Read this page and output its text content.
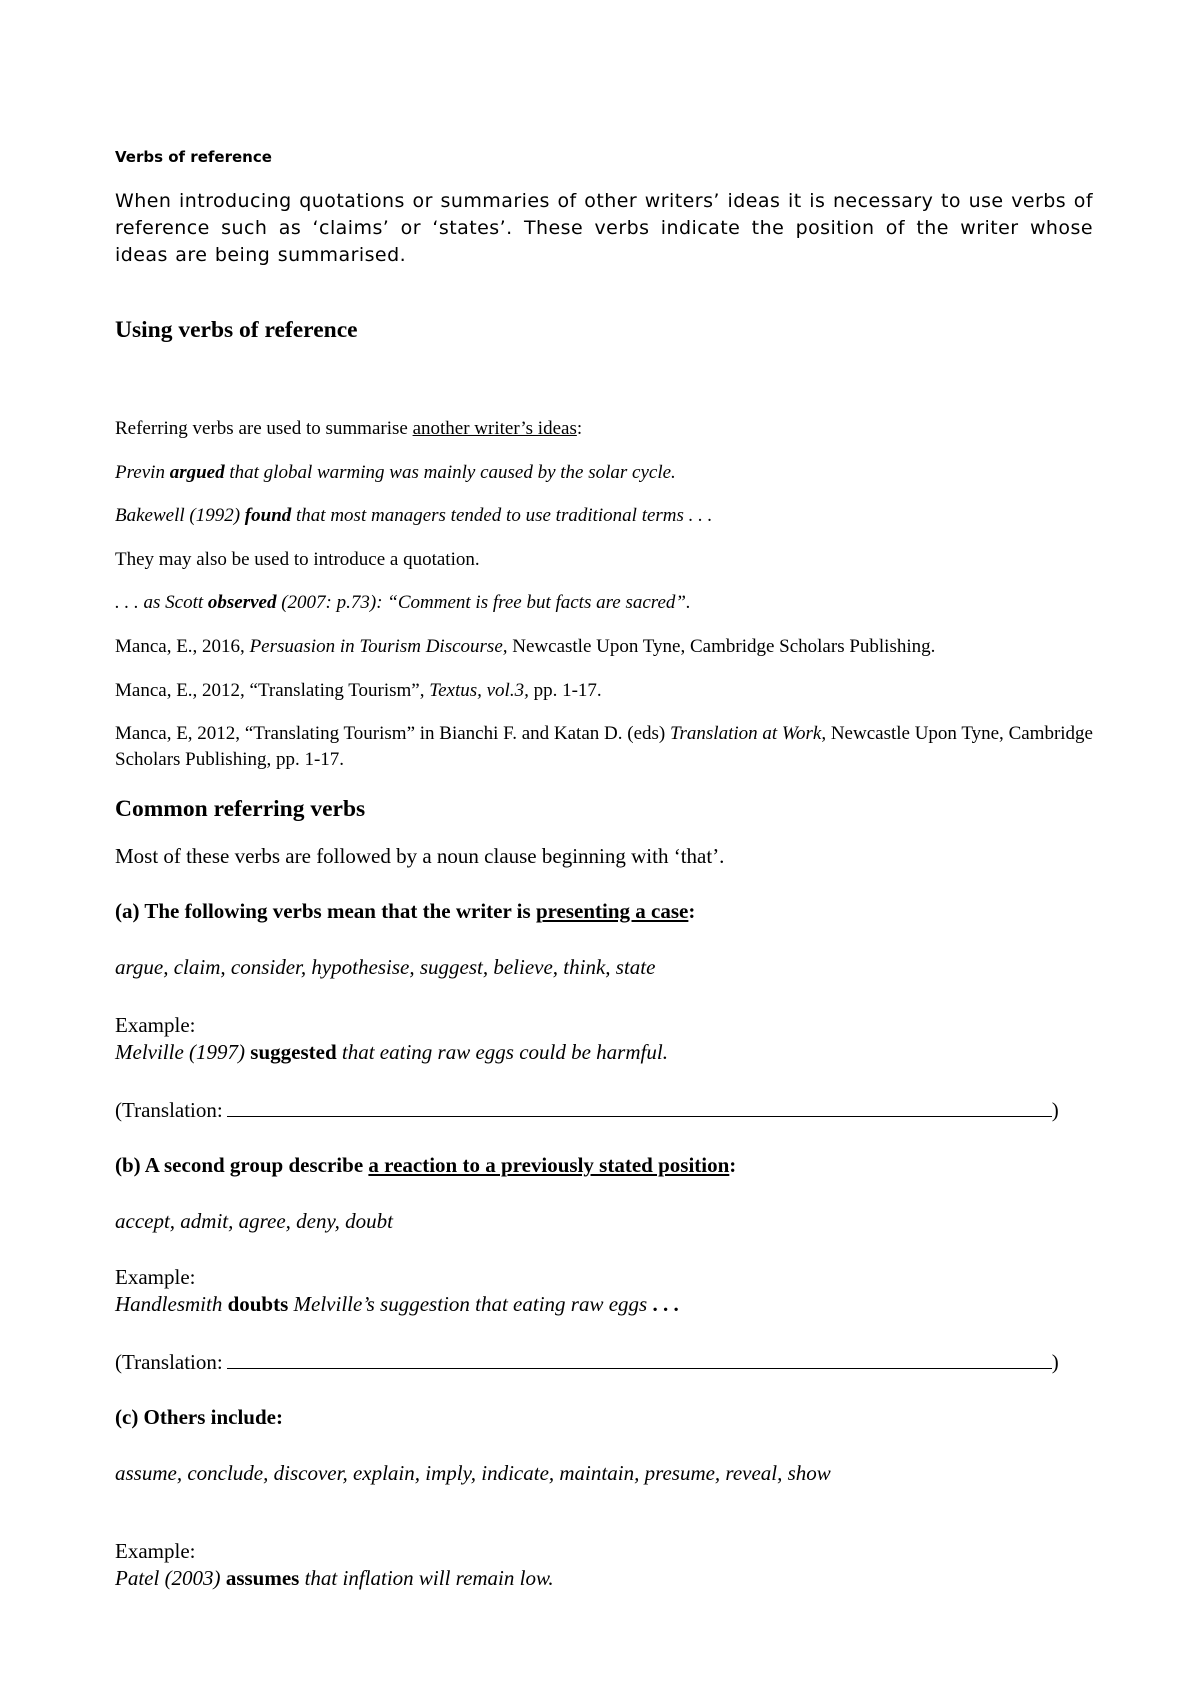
Verbs of reference

When introducing quotations or summaries of other writers’ ideas it is necessary to use verbs of reference such as ‘claims’ or ‘states’. These verbs indicate the position of the writer whose ideas are being summarised.

Using verbs of reference

Referring verbs are used to summarise another writer’s ideas:

Previn argued that global warming was mainly caused by the solar cycle.

Bakewell (1992) found that most managers tended to use traditional terms . . .

They may also be used to introduce a quotation.

. . . as Scott observed (2007: p.73): “Comment is free but facts are sacred”.

Manca, E., 2016, Persuasion in Tourism Discourse, Newcastle Upon Tyne, Cambridge Scholars Publishing.

Manca, E., 2012, “Translating Tourism”, Textus, vol.3, pp. 1-17.

Manca, E, 2012, “Translating Tourism” in Bianchi F. and Katan D. (eds) Translation at Work, Newcastle Upon Tyne, Cambridge Scholars Publishing, pp. 1-17.

Common referring verbs

Most of these verbs are followed by a noun clause beginning with ‘that’.

(a) The following verbs mean that the writer is presenting a case:

argue, claim, consider, hypothesise, suggest, believe, think, state

Example:
Melville (1997) suggested that eating raw eggs could be harmful.

(Translation:	)

(b) A second group describe a reaction to a previously stated position:

accept, admit, agree, deny, doubt

Example:
Handlesmith doubts Melville’s suggestion that eating raw eggs . . .

(Translation:	)

(c) Others include:

assume, conclude, discover, explain, imply, indicate, maintain, presume, reveal, show

Example:
Patel (2003) assumes that inflation will remain low.
